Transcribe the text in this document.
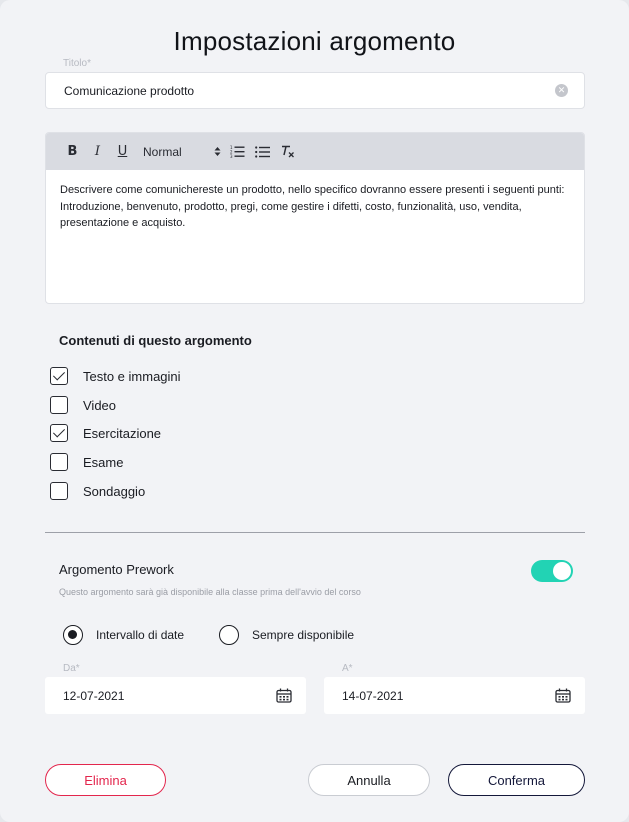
Impostazioni argomento
Titolo*
Comunicazione prodotto	✕
B	I	U	Normal	1
2
3
Descrivere come comunichereste un prodotto, nello specifico dovranno essere presenti i seguenti punti: Introduzione, benvenuto, prodotto, pregi, come gestire i difetti, costo, funzionalità, uso, vendita, presentazione e acquisto.
Contenuti di questo argomento
Testo e immagini
Video
Esercitazione
Esame
Sondaggio
Argomento Prework
Questo argomento sarà già disponibile alla classe prima dell'avvio del corso
Intervallo di date	Sempre disponibile
Da*
12-07-2021
A*
14-07-2021
Elimina	Annulla	Conferma
